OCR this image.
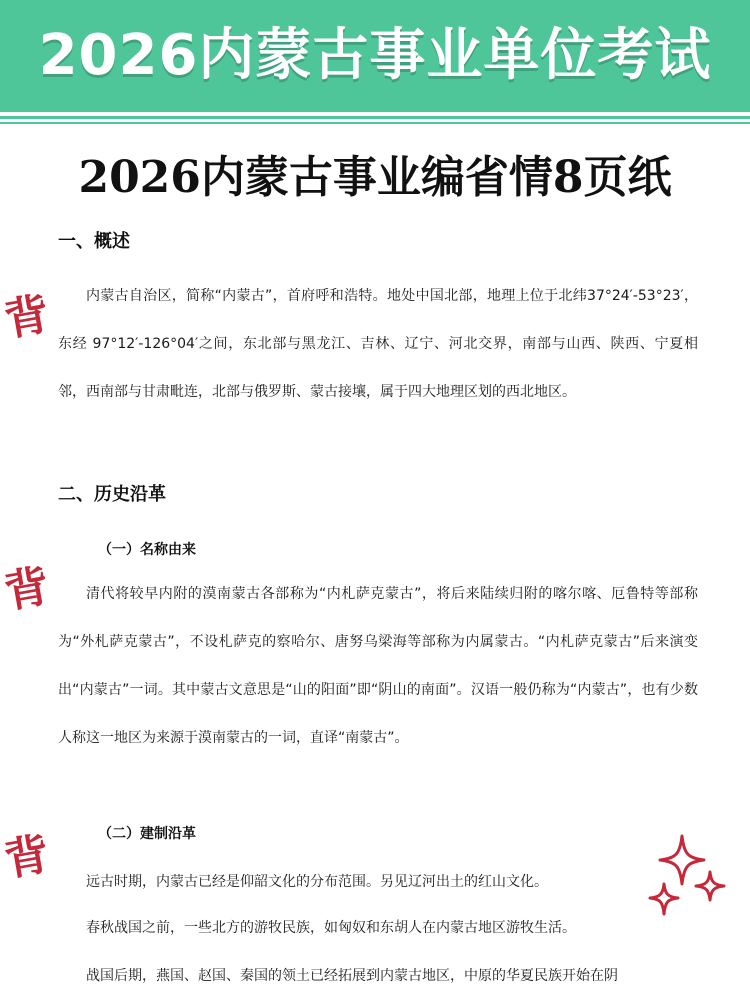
2026内蒙古事业单位考试
2026内蒙古事业编省情8页纸
一、概述
背	内蒙古自治区，简称“内蒙古”，首府呼和浩特。地处中国北部，地理上位于北纬37°24′-53°23′，东经 97°12′-126°04′之间，东北部与黑龙江、吉林、辽宁、河北交界，南部与山西、陕西、宁夏相邻，西南部与甘肃毗连，北部与俄罗斯、蒙古接壤，属于四大地理区划的西北地区。
二、历史沿革
（一）名称由来
背	清代将较早内附的漠南蒙古各部称为“内札萨克蒙古”，将后来陆续归附的喀尔喀、厄鲁特等部称为“外札萨克蒙古”，不设札萨克的察哈尔、唐努乌梁海等部称为内属蒙古。“内札萨克蒙古”后来演变出“内蒙古”一词。其中蒙古文意思是“山的阳面”即“阴山的南面”。汉语一般仍称为“内蒙古”，也有少数人称这一地区为来源于漠南蒙古的一词，直译“南蒙古”。
（二）建制沿革
背 远古时期，内蒙古已经是仰韶文化的分布范围。另见辽河出土的红山文化。
春秋战国之前，一些北方的游牧民族，如匈奴和东胡人在内蒙古地区游牧生活。
战国后期，燕国、赵国、秦国的领土已经拓展到内蒙古地区，中原的华夏民族开始在阴
